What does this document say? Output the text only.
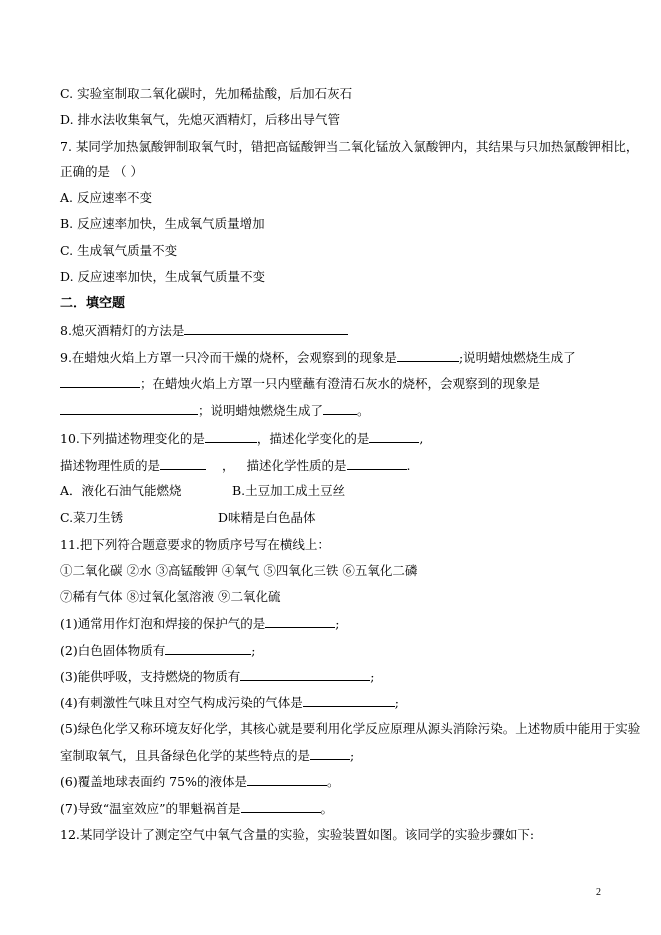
C. 实验室制取二氧化碳时，先加稀盐酸，后加石灰石
D. 排水法收集氧气，先熄灭酒精灯，后移出导气管
7. 某同学加热氯酸钾制取氧气时，错把高锰酸钾当二氧化锰放入氯酸钾内，其结果与只加热氯酸钾相比，
正确的是 （ ）
A. 反应速率不变
B. 反应速率加快，生成氧气质量增加
C. 生成氧气质量不变
D. 反应速率加快，生成氧气质量不变
二．填空题
8.熄灭酒精灯的方法是
9.在蜡烛火焰上方罩一只冷而干燥的烧杯，会观察到的现象是	;说明蜡烛燃烧生成了
；在蜡烛火焰上方罩一只内壁蘸有澄清石灰水的烧杯，会观察到的现象是
；说明蜡烛燃烧生成了	。
10.下列描述物理变化的是	，描述化学变化的是	,
描述物理性质的是	， 描述化学性质的是	.
A．液化石油气能燃烧	B.土豆加工成土豆丝
C.菜刀生锈	D味精是白色晶体
11.把下列符合题意要求的物质序号写在横线上：
①二氧化碳 ②水 ③高锰酸钾 ④氧气 ⑤四氧化三铁 ⑥五氧化二磷
⑦稀有气体 ⑧过氧化氢溶液 ⑨二氧化硫
(1)通常用作灯泡和焊接的保护气的是	;
(2)白色固体物质有	;
(3)能供呼吸，支持燃烧的物质有	;
(4)有刺激性气味且对空气构成污染的气体是	;
(5)绿色化学又称环境友好化学，其核心就是要利用化学反应原理从源头消除污染。上述物质中能用于实验
室制取氧气，且具备绿色化学的某些特点的是	;
(6)覆盖地球表面约 75%的液体是	。
(7)导致“温室效应”的罪魁祸首是	。
12.某同学设计了测定空气中氧气含量的实验，实验装置如图。该同学的实验步骤如下:
2
